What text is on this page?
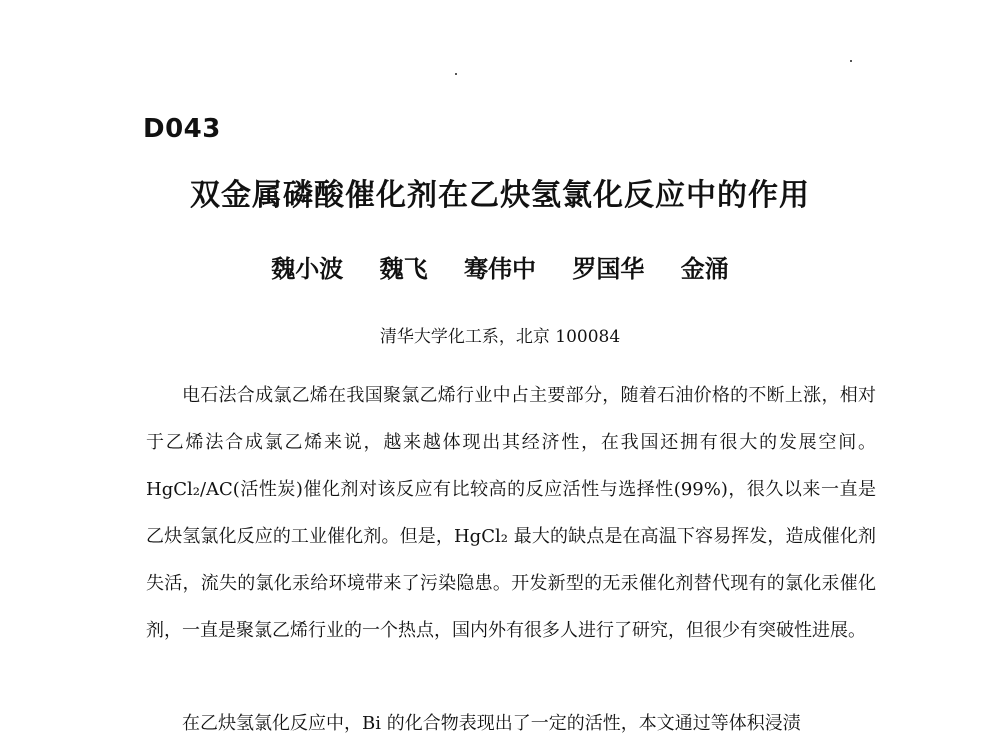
D043
双金属磷酸催化剂在乙炔氢氯化反应中的作用
魏小波 魏飞 骞伟中 罗国华 金涌
清华大学化工系，北京 100084

电石法合成氯乙烯在我国聚氯乙烯行业中占主要部分，随着石油价格的不断上涨，相对于乙烯法合成氯乙烯来说，越来越体现出其经济性，在我国还拥有很大的发展空间。HgCl₂/AC(活性炭)催化剂对该反应有比较高的反应活性与选择性(99%)，很久以来一直是乙炔氢氯化反应的工业催化剂。但是，HgCl₂ 最大的缺点是在高温下容易挥发，造成催化剂失活，流失的氯化汞给环境带来了污染隐患。开发新型的无汞催化剂替代现有的氯化汞催化剂，一直是聚氯乙烯行业的一个热点，国内外有很多人进行了研究，但很少有突破性进展。

在乙炔氢氯化反应中，Bi 的化合物表现出了一定的活性，本文通过等体积浸渍
